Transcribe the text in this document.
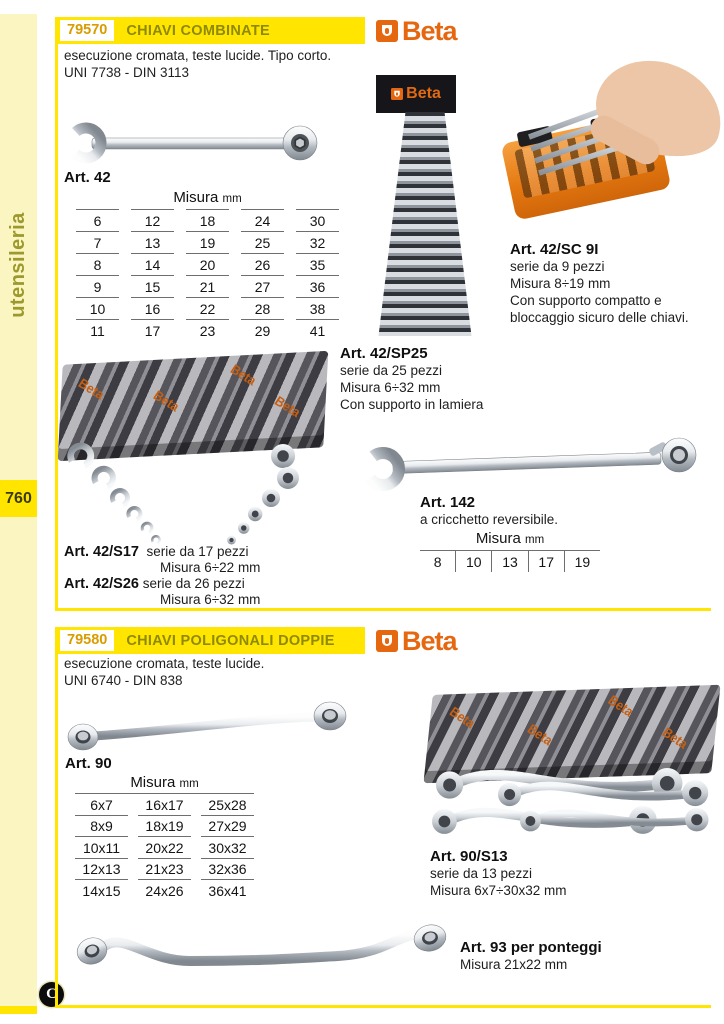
utensileria
760
C
79570	CHIAVI COMBINATE	Beta
esecuzione cromata, teste lucide. Tipo corto.
UNI 7738 - DIN 3113
Art. 42
Misura mm				
6	12	18	24	30
7	13	19	25	32
8	14	20	26	35
9	15	21	27	36
10	16	22	28	38
11	17	23	29	41
Beta
Art. 42/SP25
serie da 25 pezzi
Misura 6÷32 mm
Con supporto in lamiera
Art. 42/SC 9I
serie da 9 pezzi
Misura 8÷19 mm
Con supporto compatto e
bloccaggio sicuro delle chiavi.
Beta	Beta
Beta
Beta
Art. 42/S17 serie da 17 pezzi
Misura 6÷22 mm
Art. 42/S26 serie da 26 pezzi
Misura 6÷32 mm
Art. 142
a cricchetto reversibile.
Misura mm
8	10	13	17	19
79580	CHIAVI POLIGONALI DOPPIE Beta
esecuzione cromata, teste lucide.
UNI 6740 - DIN 838
Art. 90
Misura mm		
6x7	16x17	25x28
8x9	18x19	27x29
10x11	20x22	30x32
12x13	21x23	32x36
14x15	24x26	36x41
Beta
Beta
Beta
Beta
Art. 90/S13
serie da 13 pezzi
Misura 6x7÷30x32 mm
Art. 93 per ponteggi
Misura 21x22 mm
